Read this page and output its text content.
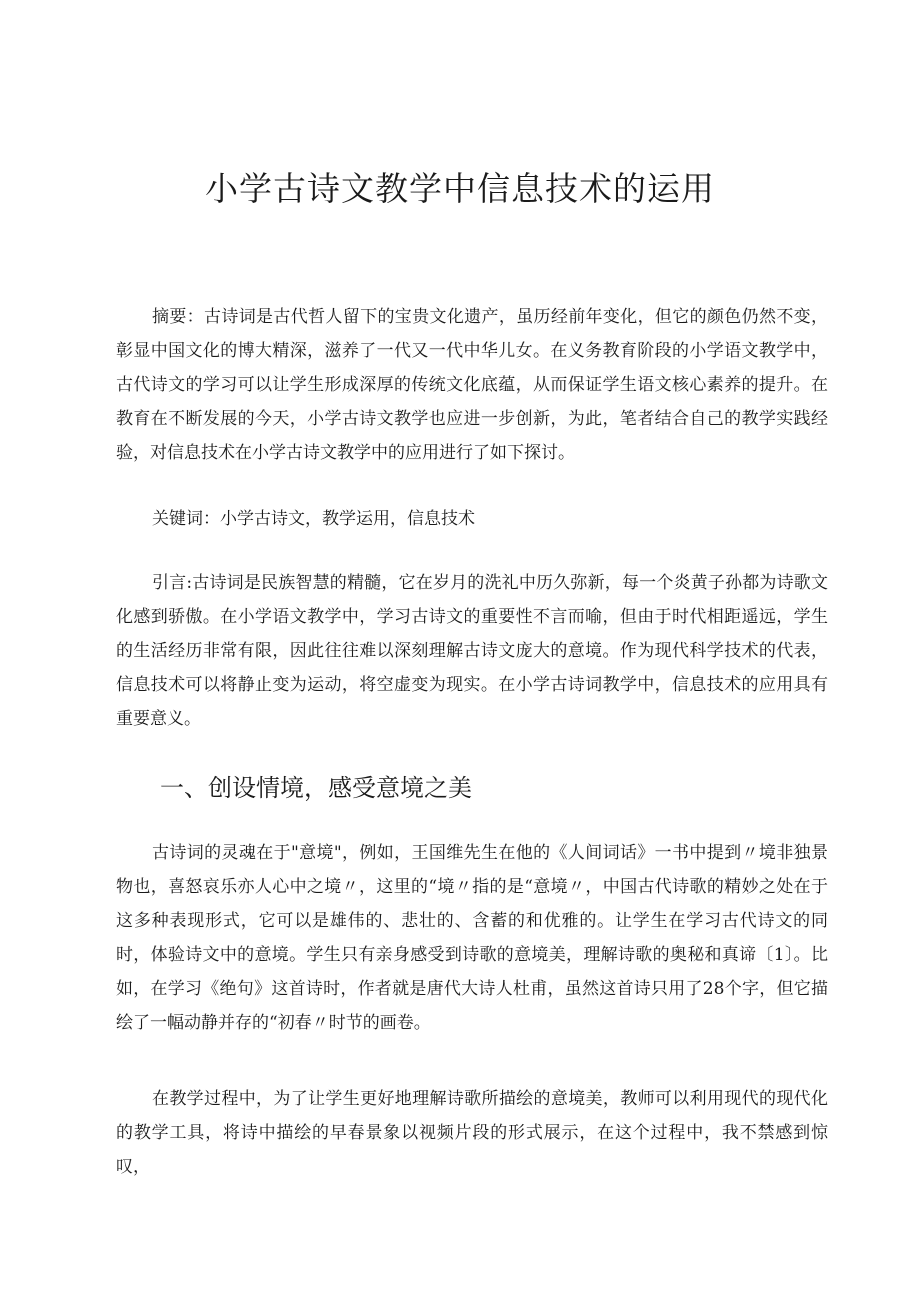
小学古诗文教学中信息技术的运用

摘要：古诗词是古代哲人留下的宝贵文化遗产，虽历经前年变化，但它的颜色仍然不变，彰显中国文化的博大精深，滋养了一代又一代中华儿女。在义务教育阶段的小学语文教学中，古代诗文的学习可以让学生形成深厚的传统文化底蕴，从而保证学生语文核心素养的提升。在教育在不断发展的今天，小学古诗文教学也应进一步创新，为此，笔者结合自己的教学实践经验，对信息技术在小学古诗文教学中的应用进行了如下探讨。

关键词：小学古诗文，教学运用，信息技术

引言:古诗词是民族智慧的精髓，它在岁月的洗礼中历久弥新，每一个炎黄子孙都为诗歌文化感到骄傲。在小学语文教学中，学习古诗文的重要性不言而喻，但由于时代相距遥远，学生的生活经历非常有限，因此往往难以深刻理解古诗文庞大的意境。作为现代科学技术的代表，信息技术可以将静止变为运动，将空虚变为现实。在小学古诗词教学中，信息技术的应用具有重要意义。

一、创设情境，感受意境之美

古诗词的灵魂在于"意境"，例如，王国维先生在他的《人间词话》一书中提到〃境非独景物也，喜怒哀乐亦人心中之境〃，这里的“境〃指的是“意境〃，中国古代诗歌的精妙之处在于这多种表现形式，它可以是雄伟的、悲壮的、含蓄的和优雅的。让学生在学习古代诗文的同时，体验诗文中的意境。学生只有亲身感受到诗歌的意境美，理解诗歌的奥秘和真谛〔1〕。比如，在学习《绝句》这首诗时，作者就是唐代大诗人杜甫，虽然这首诗只用了28个字，但它描绘了一幅动静并存的“初春〃时节的画卷。

在教学过程中，为了让学生更好地理解诗歌所描绘的意境美，教师可以利用现代的现代化的教学工具，将诗中描绘的早春景象以视频片段的形式展示，在这个过程中，我不禁感到惊叹，
